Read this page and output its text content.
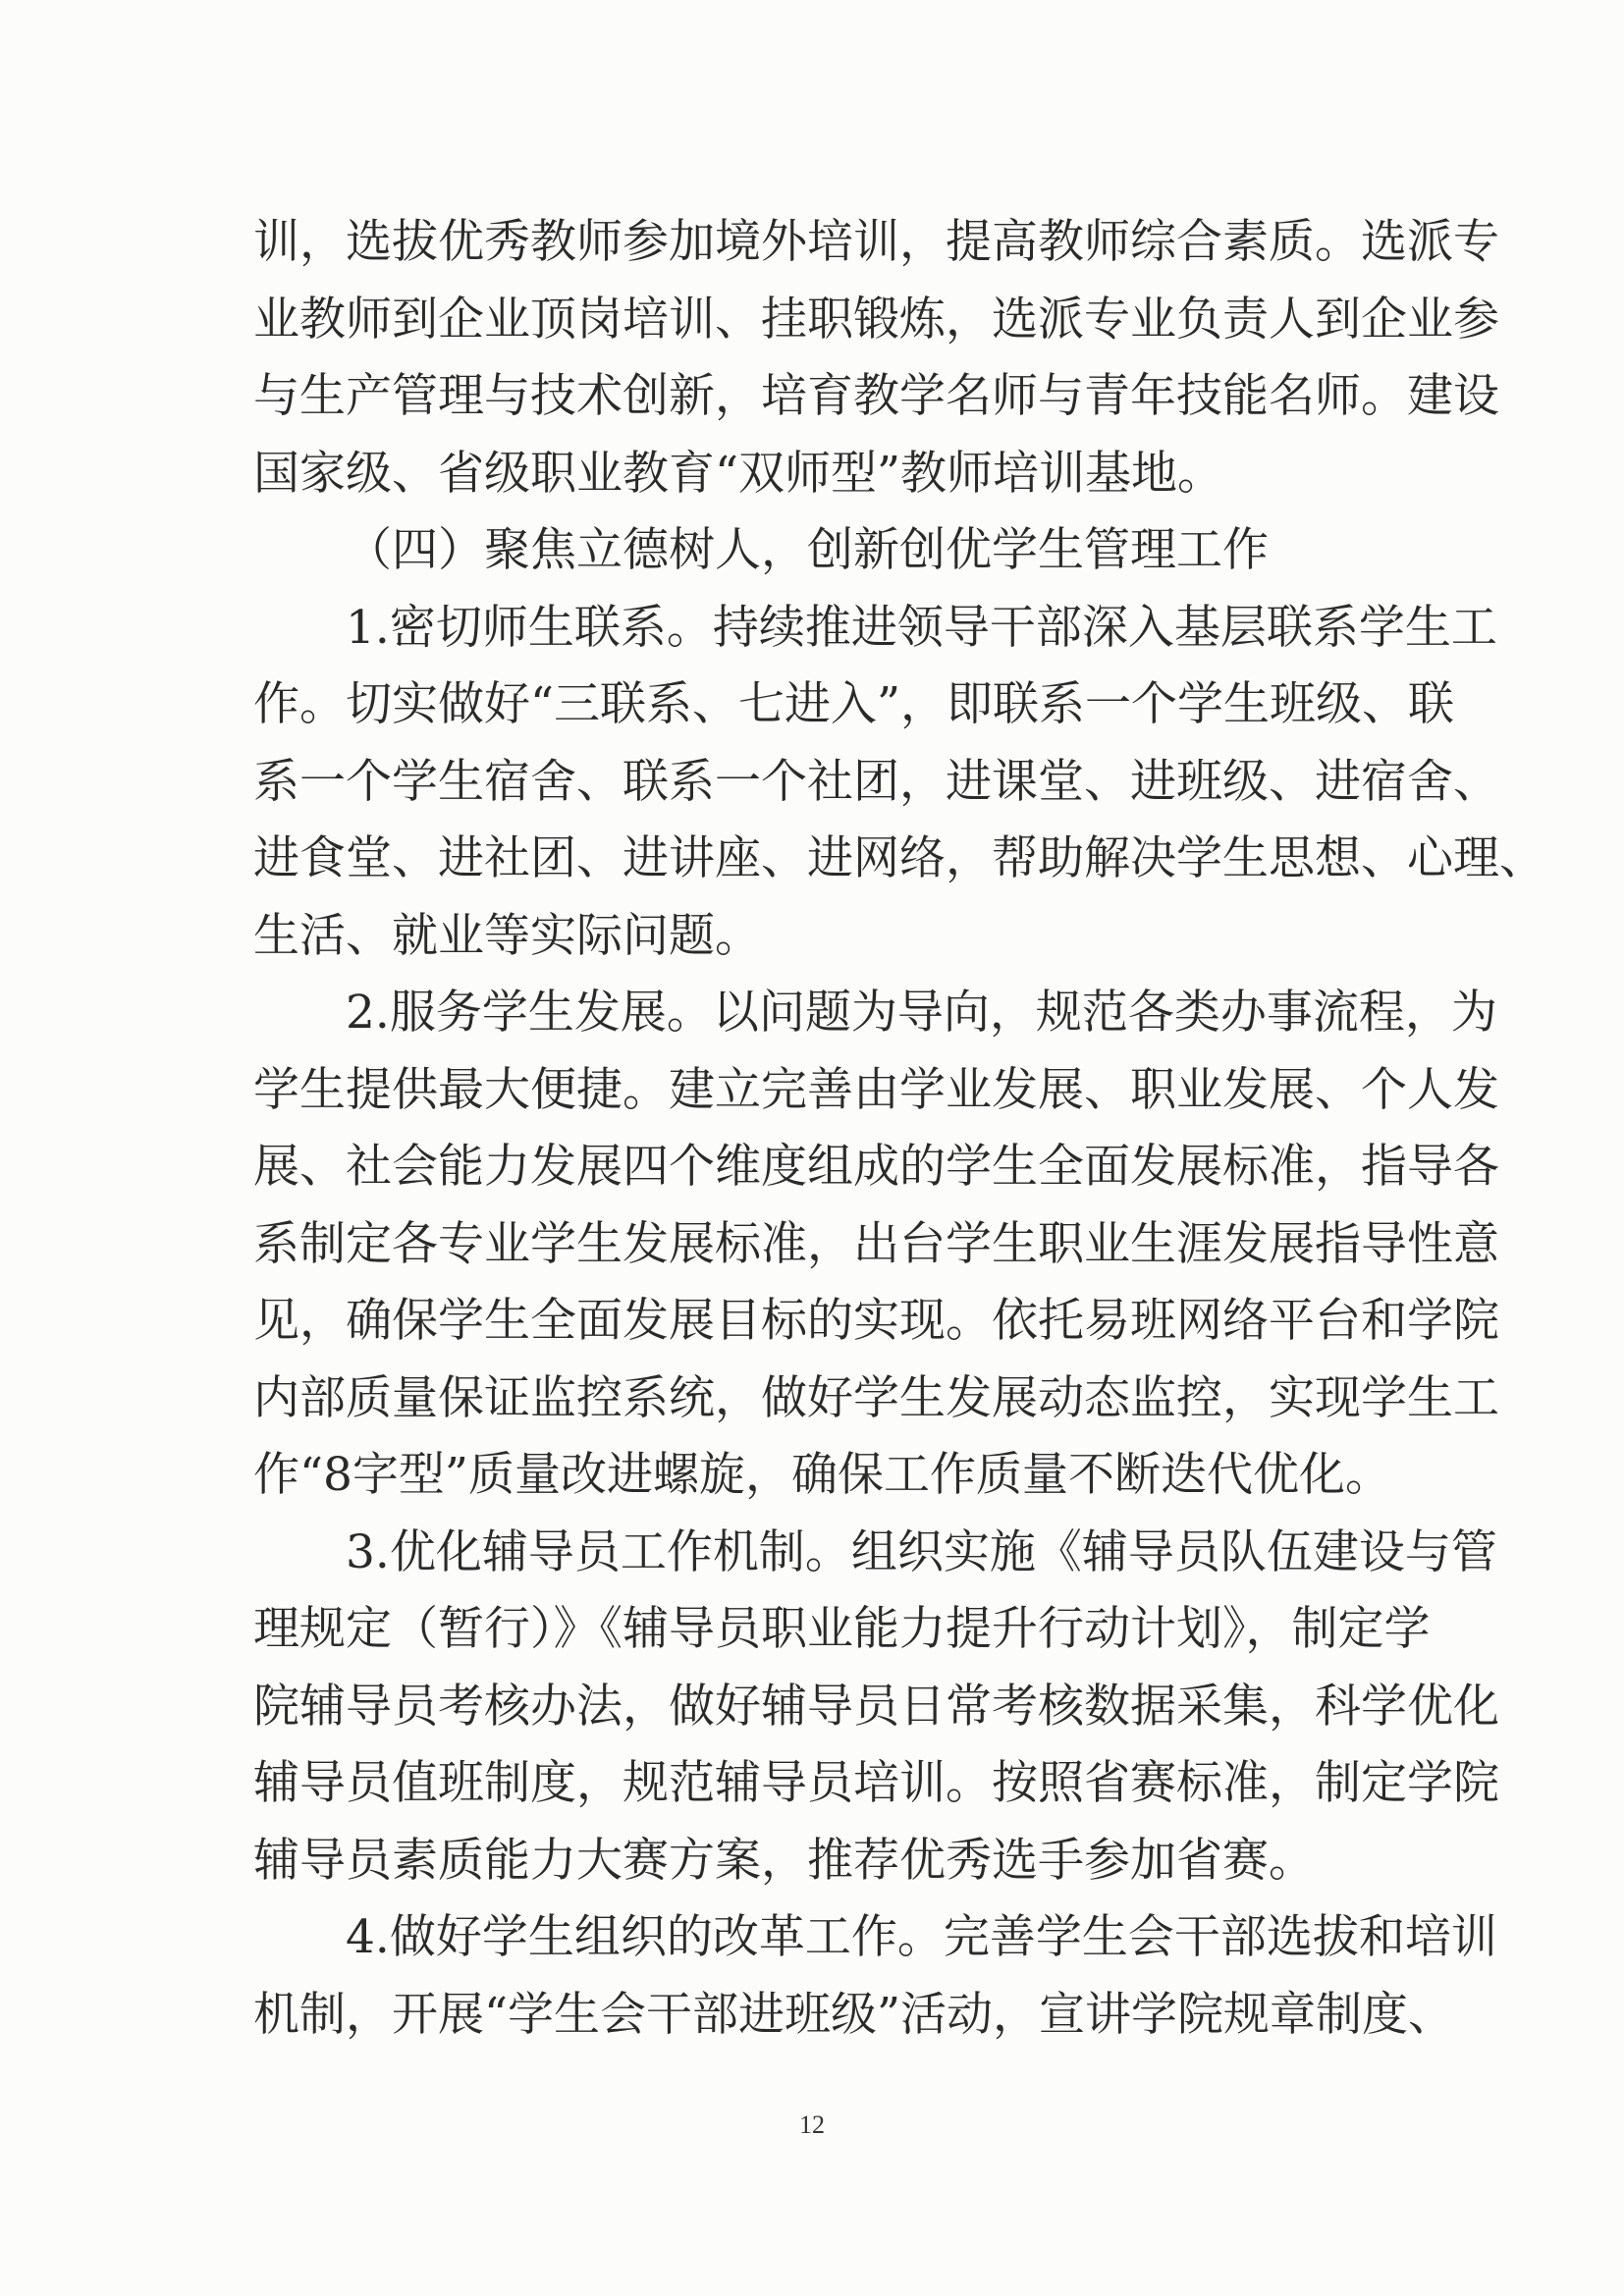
训，选拔优秀教师参加境外培训，提高教师综合素质。选派专
业教师到企业顶岗培训、挂职锻炼，选派专业负责人到企业参
与生产管理与技术创新，培育教学名师与青年技能名师。建设
国家级、省级职业教育“双师型”教师培训基地。
（四）聚焦立德树人，创新创优学生管理工作
1.密切师生联系。持续推进领导干部深入基层联系学生工
作。切实做好“三联系、七进入”，即联系一个学生班级、联
系一个学生宿舍、联系一个社团，进课堂、进班级、进宿舍、
进食堂、进社团、进讲座、进网络，帮助解决学生思想、心理、
生活、就业等实际问题。
2.服务学生发展。以问题为导向，规范各类办事流程，为
学生提供最大便捷。建立完善由学业发展、职业发展、个人发
展、社会能力发展四个维度组成的学生全面发展标准，指导各
系制定各专业学生发展标准，出台学生职业生涯发展指导性意
见，确保学生全面发展目标的实现。依托易班网络平台和学院
内部质量保证监控系统，做好学生发展动态监控，实现学生工
作“8字型”质量改进螺旋，确保工作质量不断迭代优化。
3.优化辅导员工作机制。组织实施《辅导员队伍建设与管
理规定（暂行）》《辅导员职业能力提升行动计划》，制定学
院辅导员考核办法，做好辅导员日常考核数据采集，科学优化
辅导员值班制度，规范辅导员培训。按照省赛标准，制定学院
辅导员素质能力大赛方案，推荐优秀选手参加省赛。
4.做好学生组织的改革工作。完善学生会干部选拔和培训
机制，开展“学生会干部进班级”活动，宣讲学院规章制度、
12
